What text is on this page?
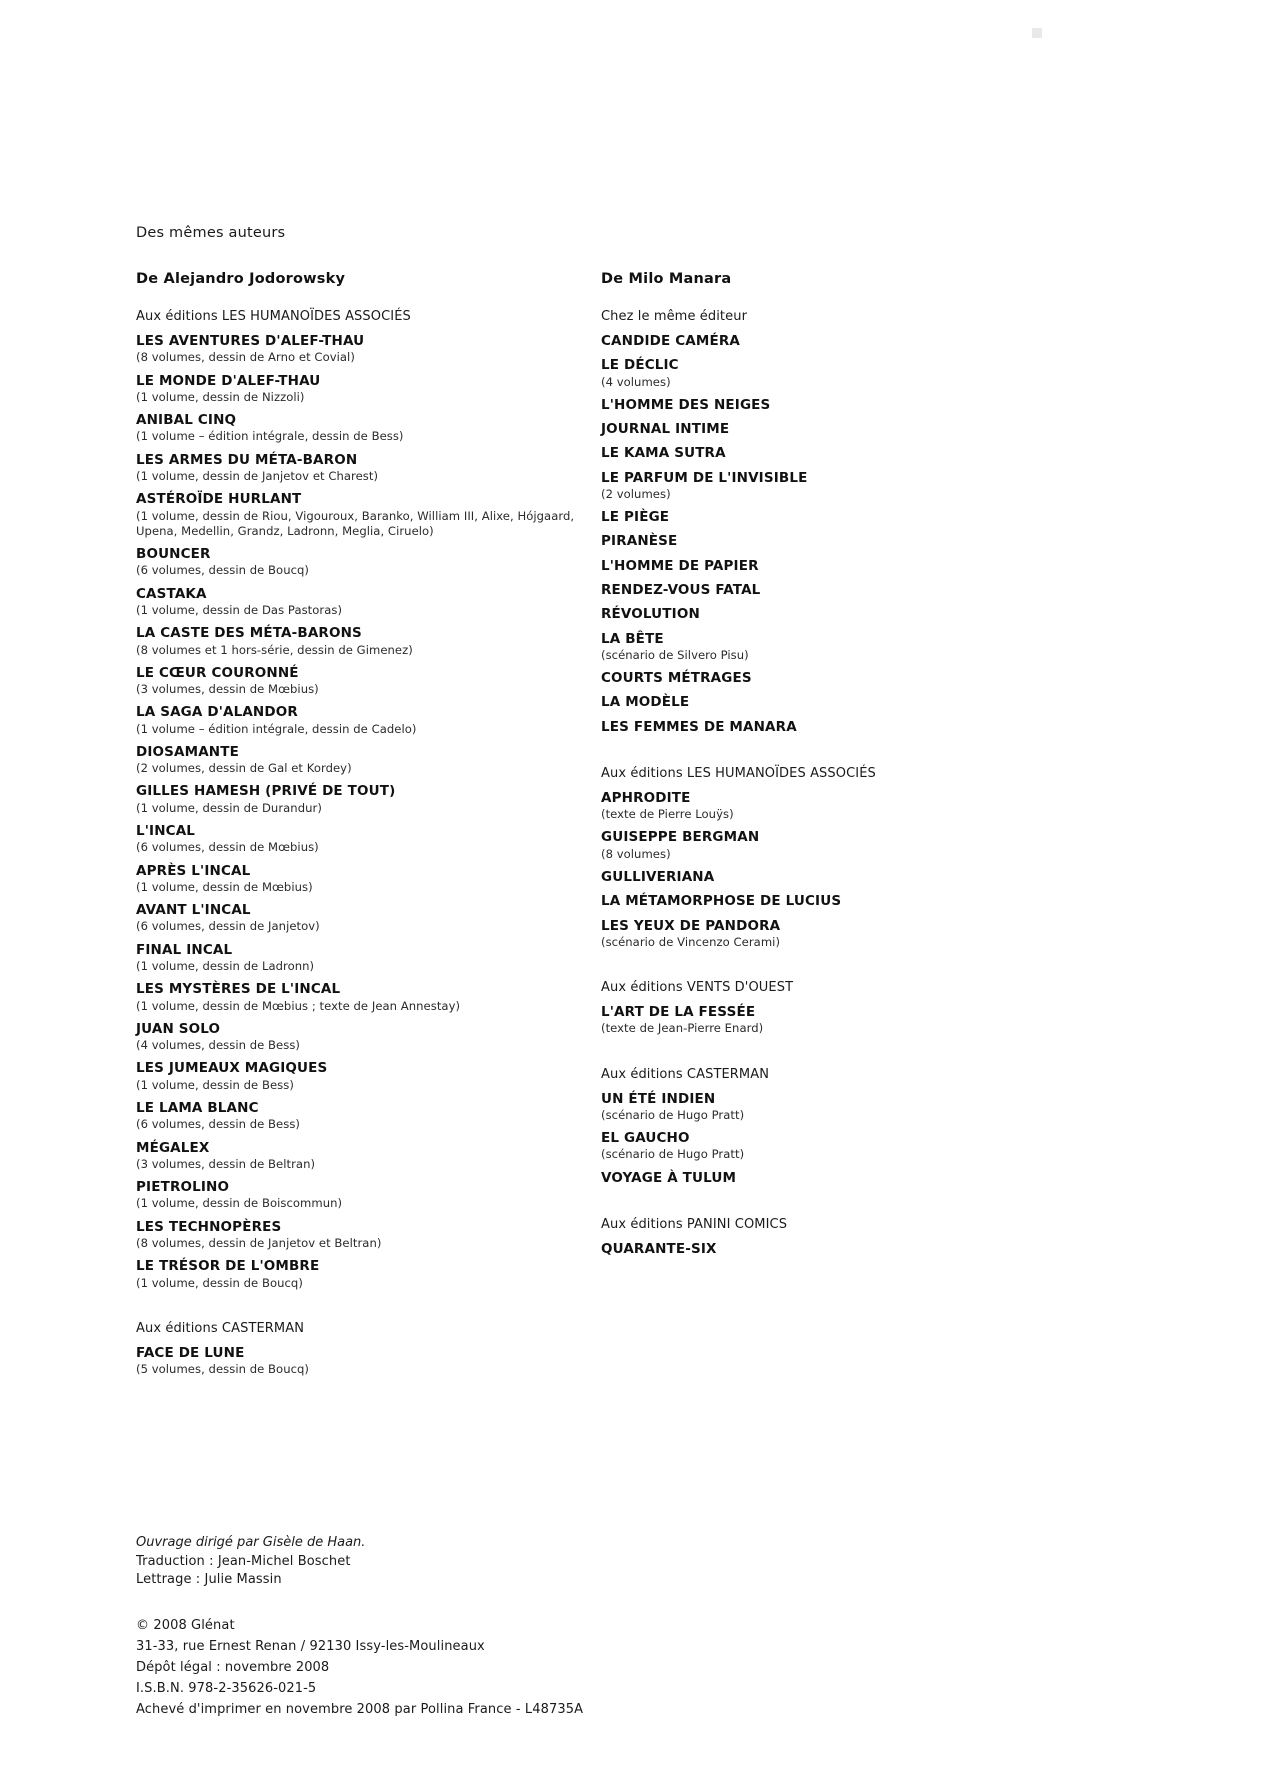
Des mêmes auteurs
De Alejandro Jodorowsky
Aux éditions LES HUMANOÏDES ASSOCIÉS
LES AVENTURES D'ALEF-THAU
(8 volumes, dessin de Arno et Covial)
LE MONDE D'ALEF-THAU
(1 volume, dessin de Nizzoli)
ANIBAL CINQ
(1 volume – édition intégrale, dessin de Bess)
LES ARMES DU MÉTA-BARON
(1 volume, dessin de Janjetov et Charest)
ASTÉROÏDE HURLANT
(1 volume, dessin de Riou, Vigouroux, Baranko, William III, Alixe, Hójgaard, Upena, Medellin, Grandz, Ladronn, Meglia, Ciruelo)
BOUNCER
(6 volumes, dessin de Boucq)
CASTAKA
(1 volume, dessin de Das Pastoras)
LA CASTE DES MÉTA-BARONS
(8 volumes et 1 hors-série, dessin de Gimenez)
LE CŒUR COURONNÉ
(3 volumes, dessin de Mœbius)
LA SAGA D'ALANDOR
(1 volume – édition intégrale, dessin de Cadelo)
DIOSAMANTE
(2 volumes, dessin de Gal et Kordey)
GILLES HAMESH (PRIVÉ DE TOUT)
(1 volume, dessin de Durandur)
L'INCAL
(6 volumes, dessin de Mœbius)
APRÈS L'INCAL
(1 volume, dessin de Mœbius)
AVANT L'INCAL
(6 volumes, dessin de Janjetov)
FINAL INCAL
(1 volume, dessin de Ladronn)
LES MYSTÈRES DE L'INCAL
(1 volume, dessin de Mœbius ; texte de Jean Annestay)
JUAN SOLO
(4 volumes, dessin de Bess)
LES JUMEAUX MAGIQUES
(1 volume, dessin de Bess)
LE LAMA BLANC
(6 volumes, dessin de Bess)
MÉGALEX
(3 volumes, dessin de Beltran)
PIETROLINO
(1 volume, dessin de Boiscommun)
LES TECHNOPÈRES
(8 volumes, dessin de Janjetov et Beltran)
LE TRÉSOR DE L'OMBRE
(1 volume, dessin de Boucq)
Aux éditions CASTERMAN
FACE DE LUNE
(5 volumes, dessin de Boucq)
De Milo Manara
Chez le même éditeur
CANDIDE CAMÉRA
LE DÉCLIC
(4 volumes)
L'HOMME DES NEIGES
JOURNAL INTIME
LE KAMA SUTRA
LE PARFUM DE L'INVISIBLE
(2 volumes)
LE PIÈGE
PIRANÈSE
L'HOMME DE PAPIER
RENDEZ-VOUS FATAL
RÉVOLUTION
LA BÊTE
(scénario de Silvero Pisu)
COURTS MÉTRAGES
LA MODÈLE
LES FEMMES DE MANARA
Aux éditions LES HUMANOÏDES ASSOCIÉS
APHRODITE
(texte de Pierre Louÿs)
GUISEPPE BERGMAN
(8 volumes)
GULLIVERIANA
LA MÉTAMORPHOSE DE LUCIUS
LES YEUX DE PANDORA
(scénario de Vincenzo Cerami)
Aux éditions VENTS D'OUEST
L'ART DE LA FESSÉE
(texte de Jean-Pierre Enard)
Aux éditions CASTERMAN
UN ÉTÉ INDIEN
(scénario de Hugo Pratt)
EL GAUCHO
(scénario de Hugo Pratt)
VOYAGE À TULUM
Aux éditions PANINI COMICS
QUARANTE-SIX
Ouvrage dirigé par Gisèle de Haan.
Traduction : Jean-Michel Boschet
Lettrage : Julie Massin
© 2008 Glénat
31-33, rue Ernest Renan / 92130 Issy-les-Moulineaux
Dépôt légal : novembre 2008
I.S.B.N. 978-2-35626-021-5
Achevé d'imprimer en novembre 2008 par Pollina France - L48735A
